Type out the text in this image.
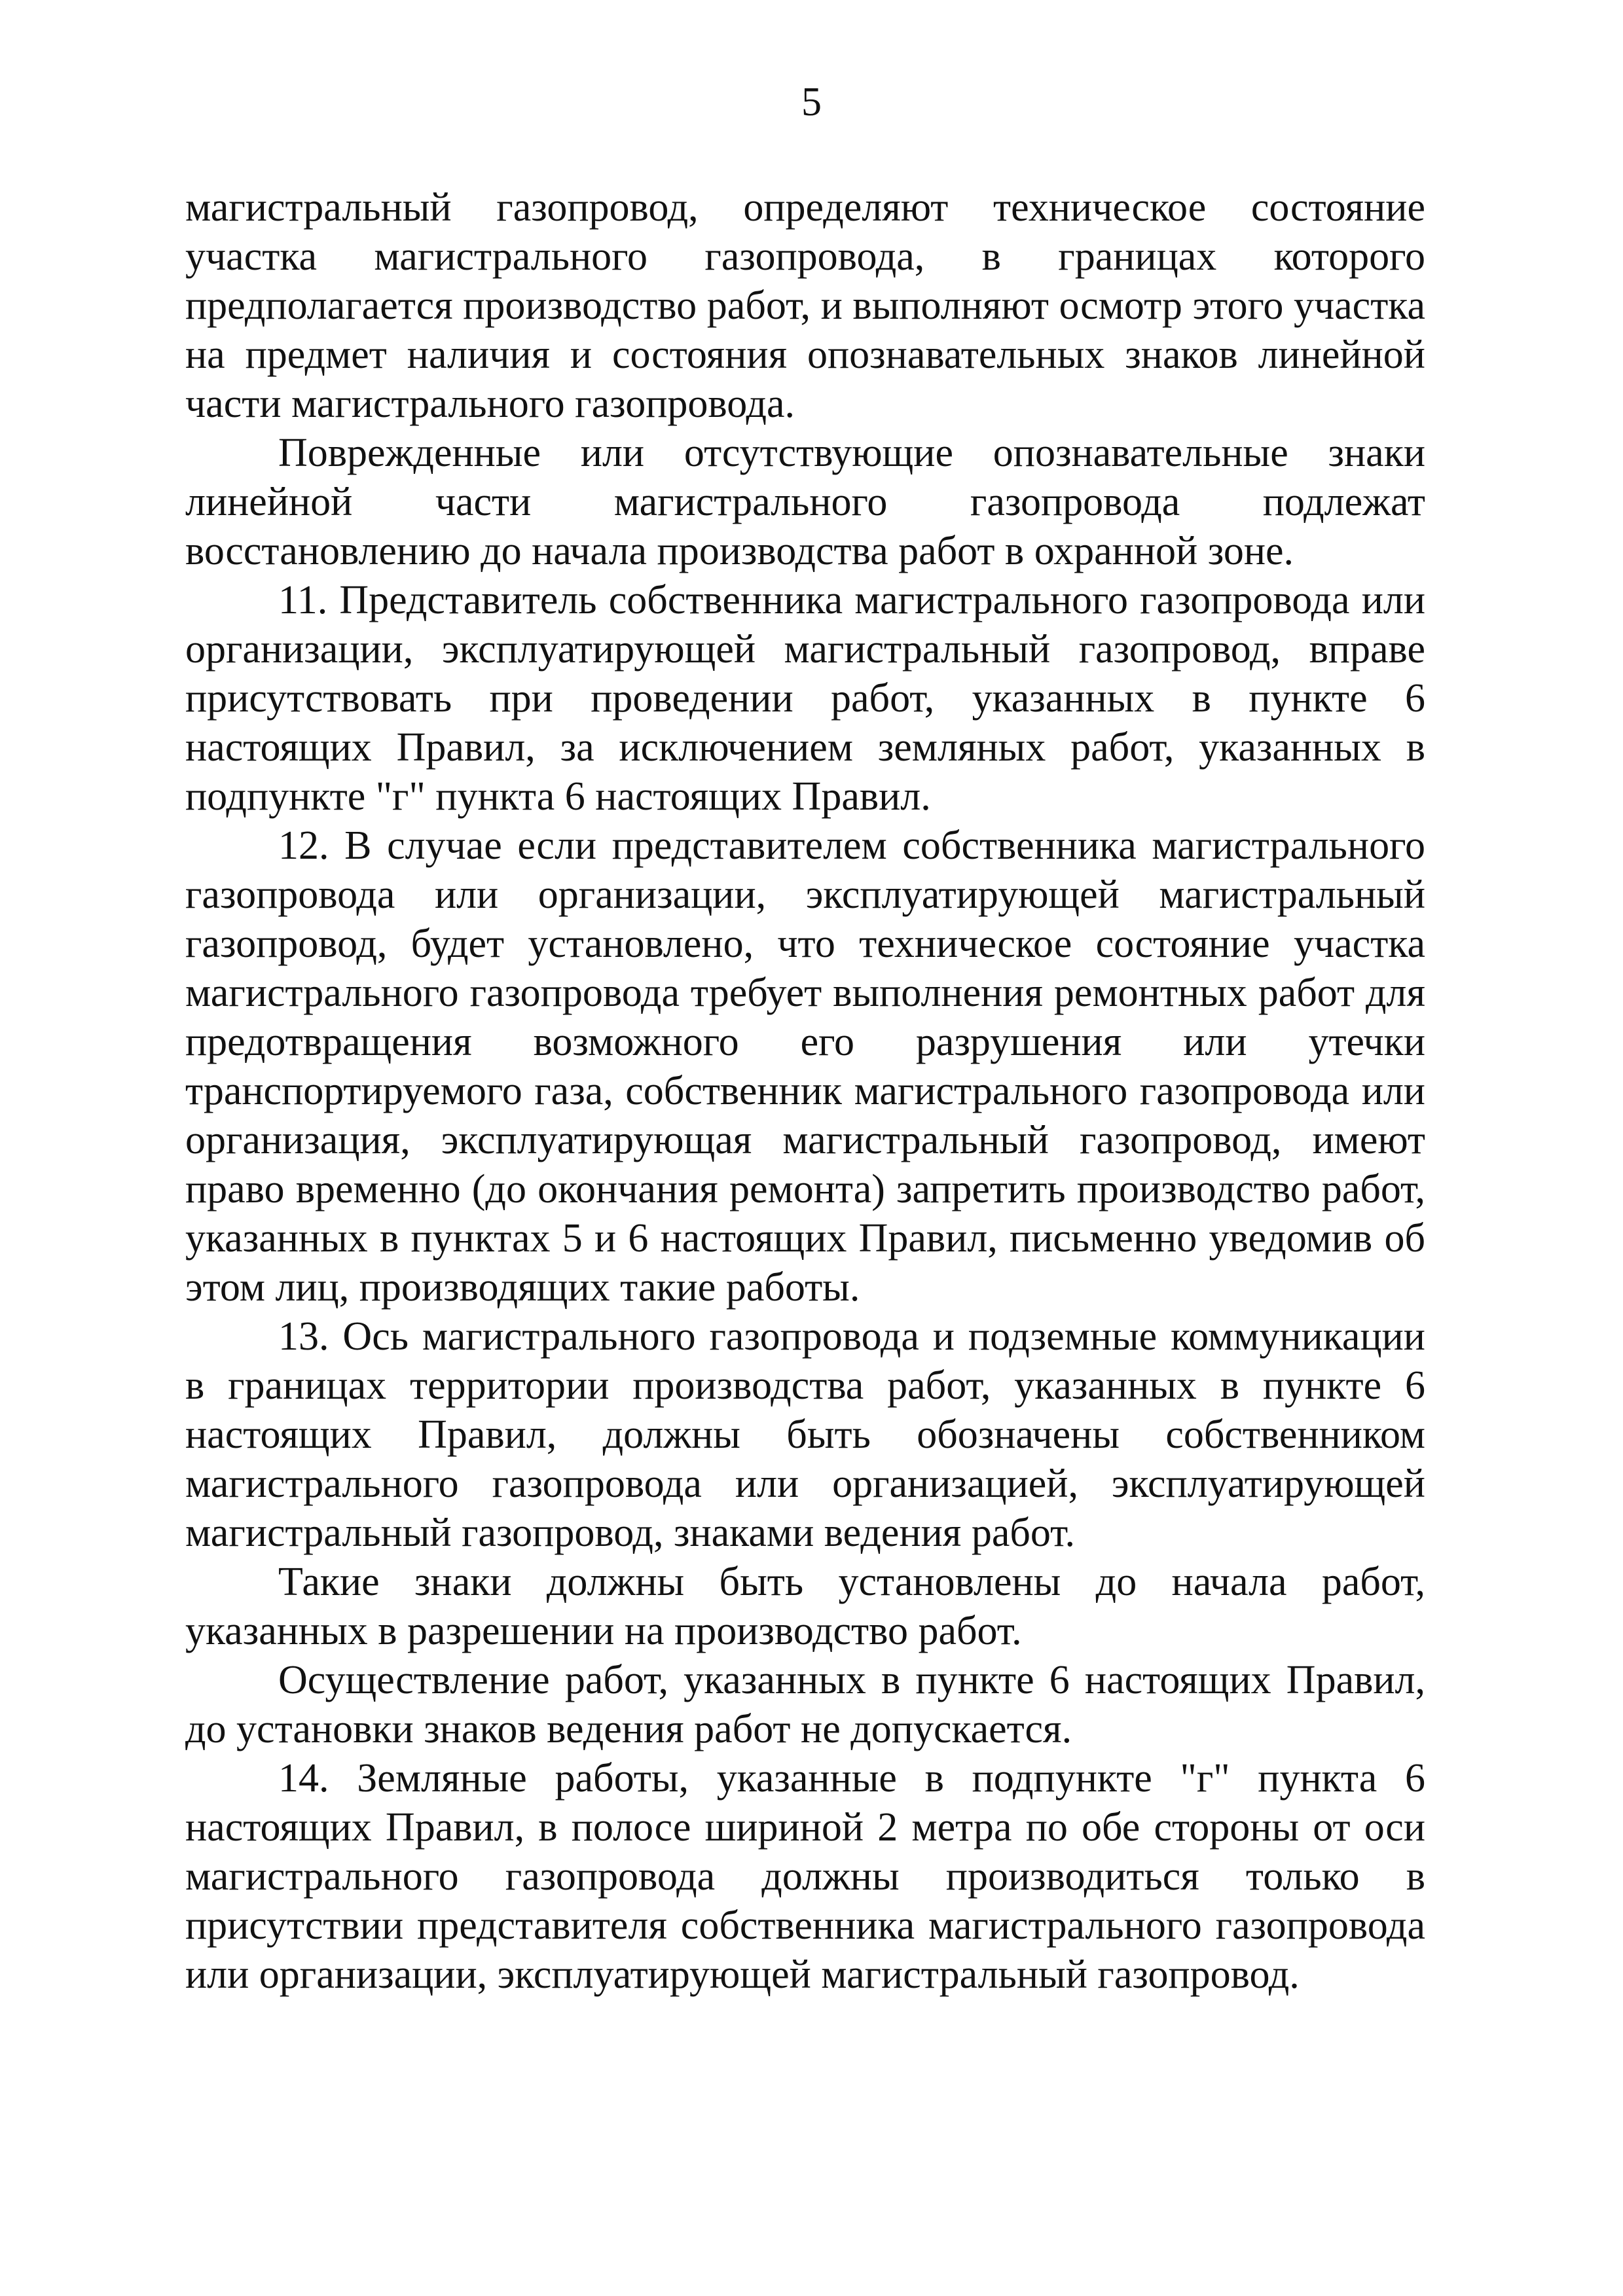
5

магистральный газопровод, определяют техническое состояние участка магистрального газопровода, в границах которого предполагается производство работ, и выполняют осмотр этого участка на предмет наличия и состояния опознавательных знаков линейной части магистрального газопровода.

Поврежденные или отсутствующие опознавательные знаки линейной части магистрального газопровода подлежат восстановлению до начала производства работ в охранной зоне.

11. Представитель собственника магистрального газопровода или организации, эксплуатирующей магистральный газопровод, вправе присутствовать при проведении работ, указанных в пункте 6 настоящих Правил, за исключением земляных работ, указанных в подпункте "г" пункта 6 настоящих Правил.

12. В случае если представителем собственника магистрального газопровода или организации, эксплуатирующей магистральный газопровод, будет установлено, что техническое состояние участка магистрального газопровода требует выполнения ремонтных работ для предотвращения возможного его разрушения или утечки транспортируемого газа, собственник магистрального газопровода или организация, эксплуатирующая магистральный газопровод, имеют право временно (до окончания ремонта) запретить производство работ, указанных в пунктах 5 и 6 настоящих Правил, письменно уведомив об этом лиц, производящих такие работы.

13. Ось магистрального газопровода и подземные коммуникации в границах территории производства работ, указанных в пункте 6 настоящих Правил, должны быть обозначены собственником магистрального газопровода или организацией, эксплуатирующей магистральный газопровод, знаками ведения работ.

Такие знаки должны быть установлены до начала работ, указанных в разрешении на производство работ.

Осуществление работ, указанных в пункте 6 настоящих Правил, до установки знаков ведения работ не допускается.

14. Земляные работы, указанные в подпункте "г" пункта 6 настоящих Правил, в полосе шириной 2 метра по обе стороны от оси магистрального газопровода должны производиться только в присутствии представителя собственника магистрального газопровода или организации, эксплуатирующей магистральный газопровод.
